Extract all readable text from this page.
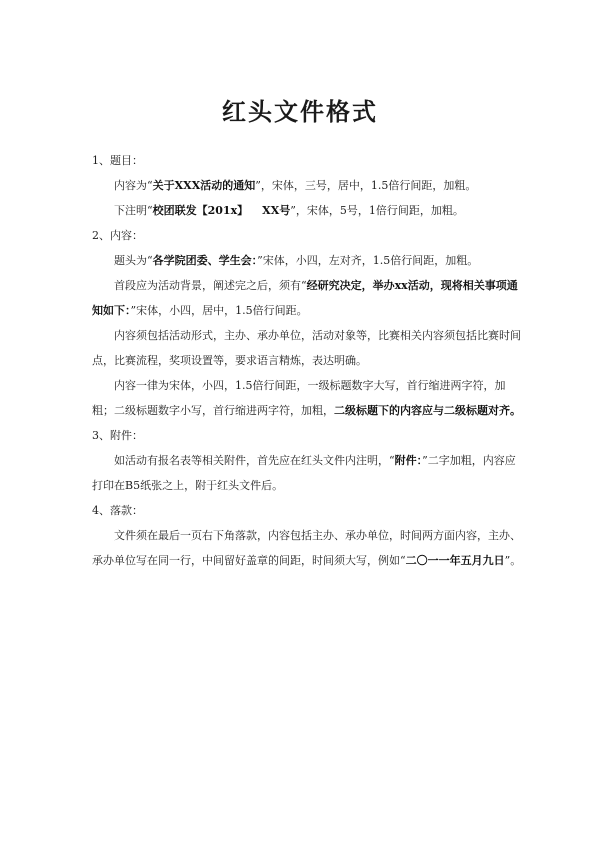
红头文件格式

1、题目：

内容为“关于XXX活动的通知”，宋体，三号，居中，1.5倍行间距，加粗。

下注明“校团联发【201x】 XX号”，宋体，5号，1倍行间距，加粗。

2、内容：

题头为“各学院团委、学生会：”宋体，小四，左对齐，1.5倍行间距，加粗。

首段应为活动背景，阐述完之后，须有“经研究决定，举办xx活动，现将相关事项通知如下：”宋体，小四，居中，1.5倍行间距。

内容须包括活动形式，主办、承办单位，活动对象等，比赛相关内容须包括比赛时间点，比赛流程，奖项设置等，要求语言精炼，表达明确。

内容一律为宋体，小四，1.5倍行间距，一级标题数字大写，首行缩进两字符，加粗；二级标题数字小写，首行缩进两字符，加粗，二级标题下的内容应与二级标题对齐。

3、附件：

如活动有报名表等相关附件，首先应在红头文件内注明，“附件：”二字加粗，内容应打印在B5纸张之上，附于红头文件后。

4、落款：

文件须在最后一页右下角落款，内容包括主办、承办单位，时间两方面内容，主办、承办单位写在同一行，中间留好盖章的间距，时间须大写，例如“二〇一一年五月九日”。
